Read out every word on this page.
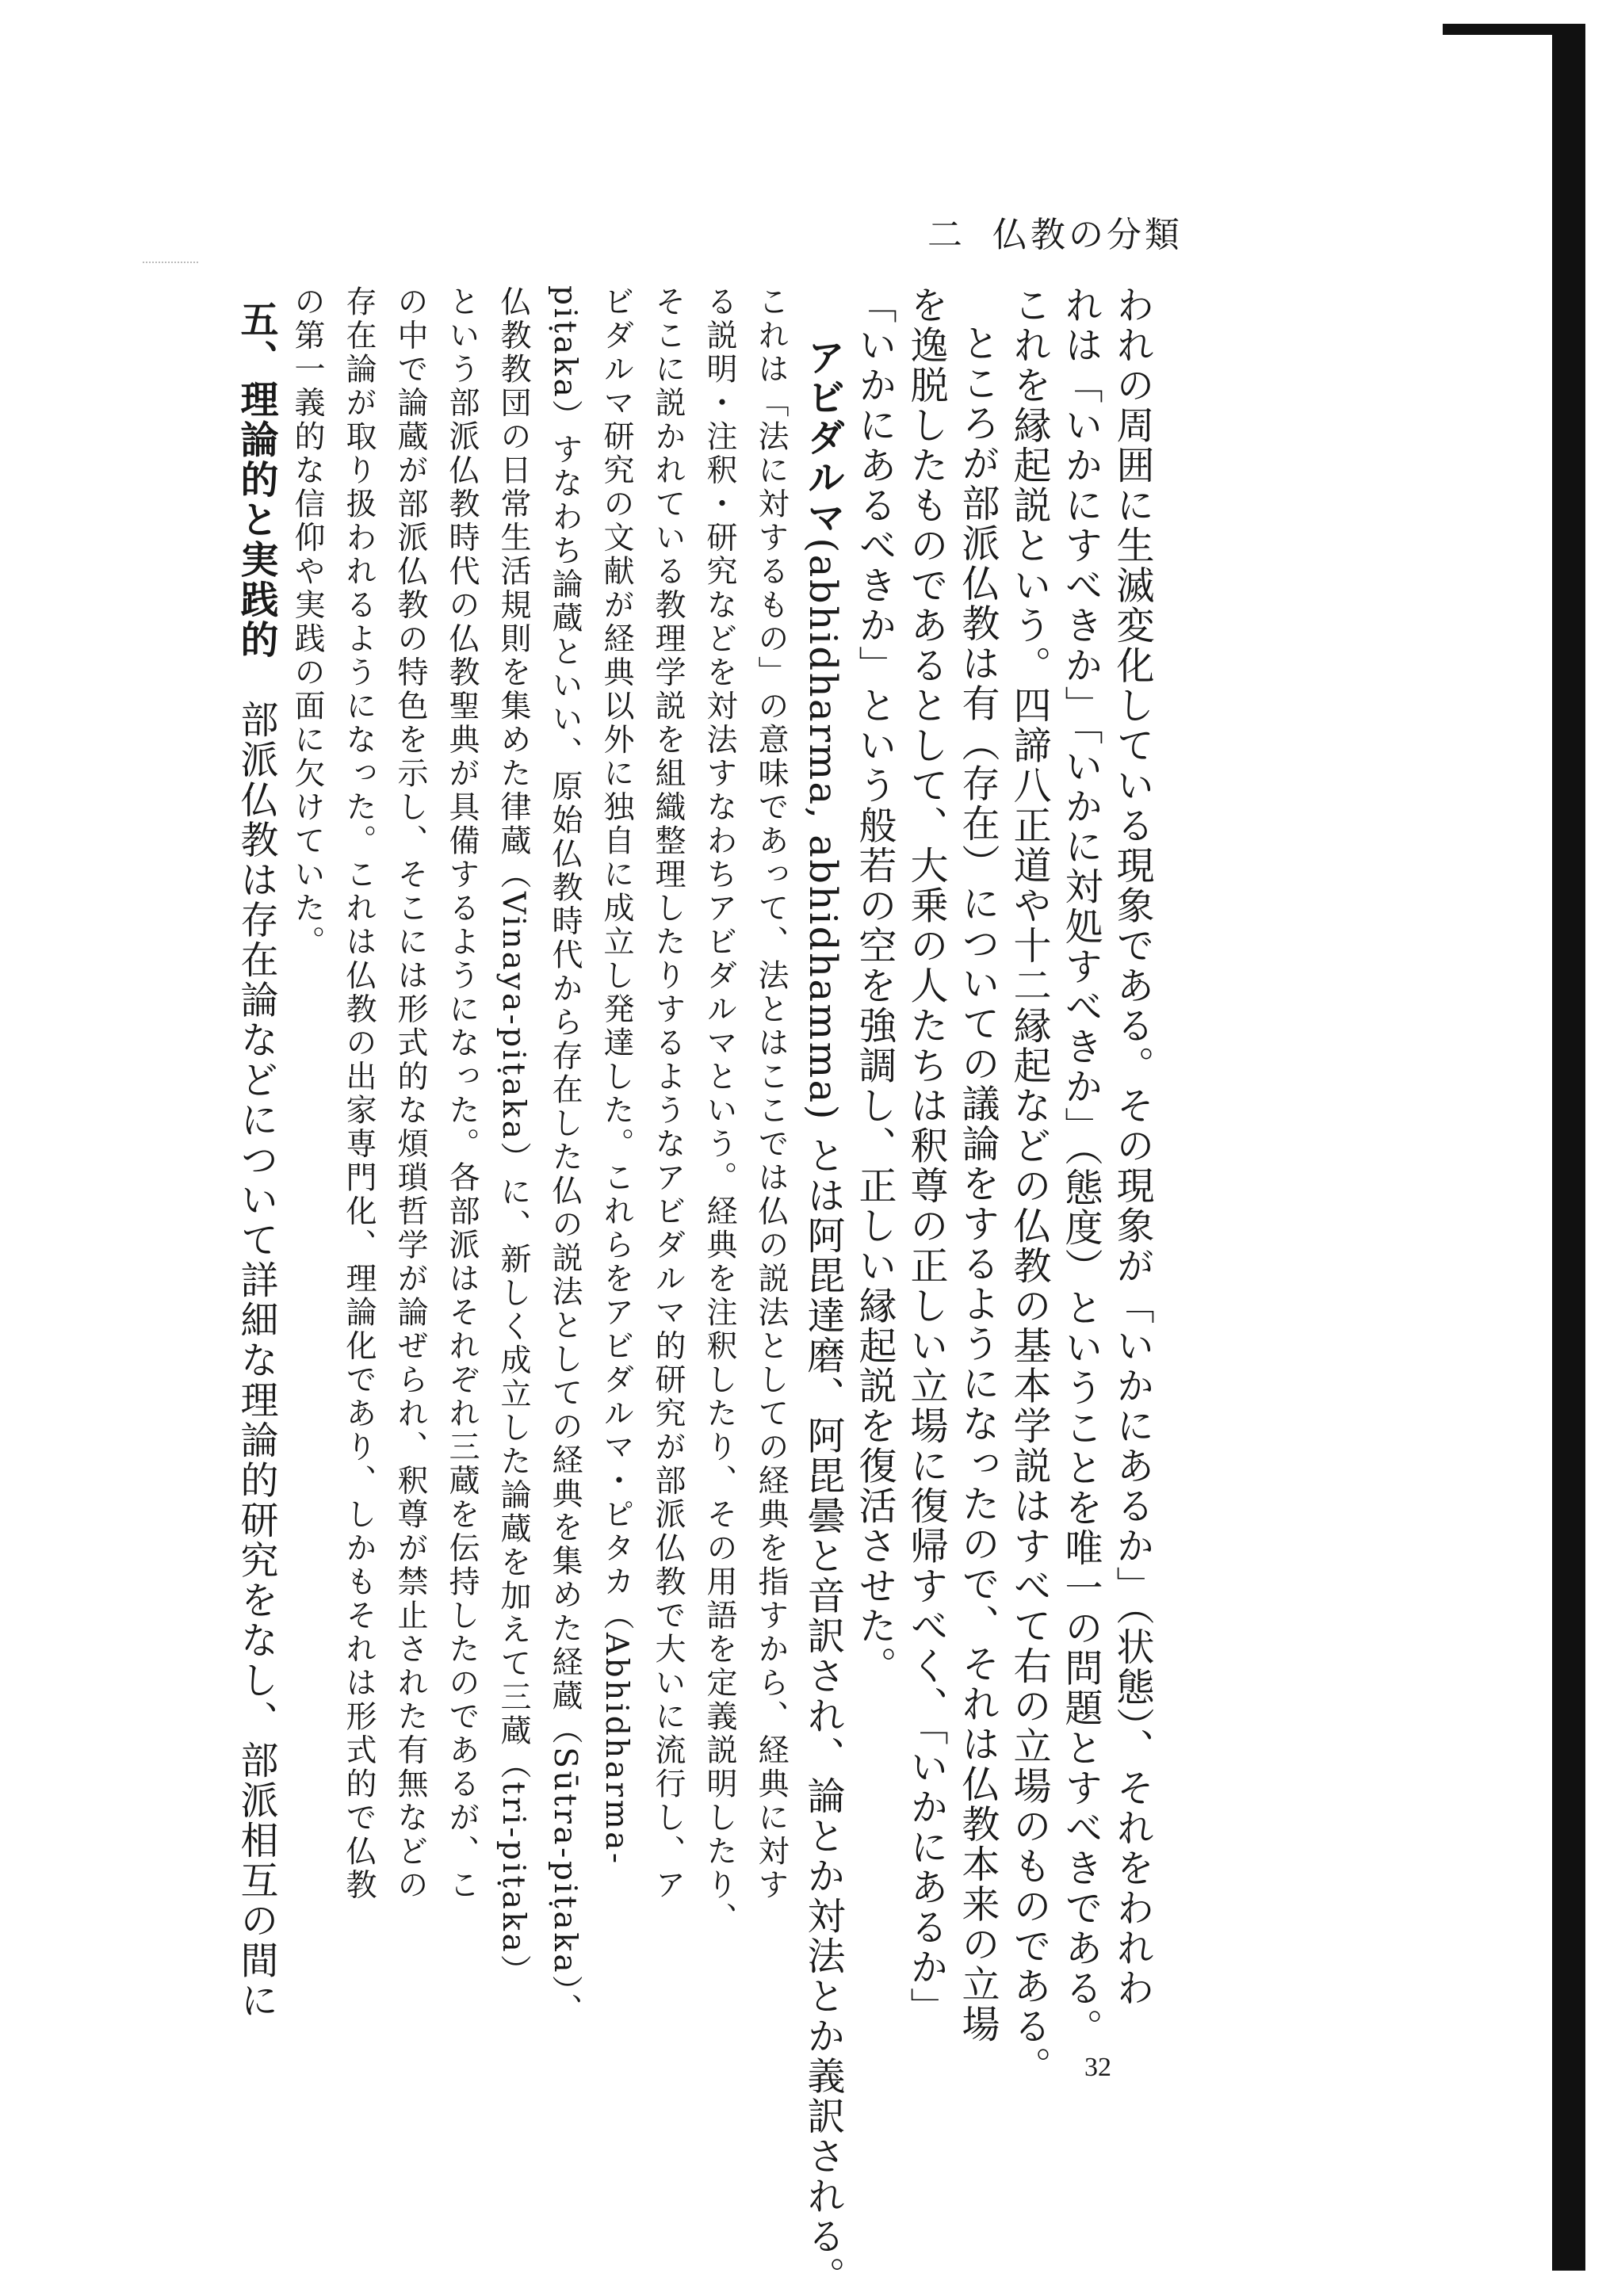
二 仏教の分類
われの周囲に生滅変化している現象である。その現象が「いかにあるか」（状態）、それをわれわ
れは「いかにすべきか」「いかに対処すべきか」（態度）ということを唯一の問題とすべきである。
これを縁起説という。四諦八正道や十二縁起などの仏教の基本学説はすべて右の立場のものである。
ところが部派仏教は有（存在）についての議論をするようになったので、それは仏教本来の立場
を逸脱したものであるとして、大乗の人たちは釈尊の正しい立場に復帰すべく、「いかにあるか」
「いかにあるべきか」という般若の空を強調し、正しい縁起説を復活させた。
アビダルマ(abhidharma, abhidhamma) とは阿毘達磨、阿毘曇と音訳され、論とか対法とか義訳される。
これは「法に対するもの」の意味であって、法とはここでは仏の説法としての経典を指すから、経典に対す
る説明・注釈・研究などを対法すなわちアビダルマという。経典を注釈したり、その用語を定義説明したり、
そこに説かれている教理学説を組織整理したりするようなアビダルマ的研究が部派仏教で大いに流行し、ア
ビダルマ研究の文献が経典以外に独自に成立し発達した。これらをアビダルマ・ピタカ（Abhidharma-
piṭaka）すなわち論蔵といい、原始仏教時代から存在した仏の説法としての経典を集めた経蔵（Sūtra-piṭaka）、
仏教教団の日常生活規則を集めた律蔵（Vinaya-piṭaka）に、新しく成立した論蔵を加えて三蔵（tri-piṭaka）
という部派仏教時代の仏教聖典が具備するようになった。各部派はそれぞれ三蔵を伝持したのであるが、こ
の中で論蔵が部派仏教の特色を示し、そこには形式的な煩瑣哲学が論ぜられ、釈尊が禁止された有無などの
存在論が取り扱われるようになった。これは仏教の出家専門化、理論化であり、しかもそれは形式的で仏教
の第一義的な信仰や実践の面に欠けていた。
五、理論的と実践的　部派仏教は存在論などについて詳細な理論的研究をなし、部派相互の間に
32
